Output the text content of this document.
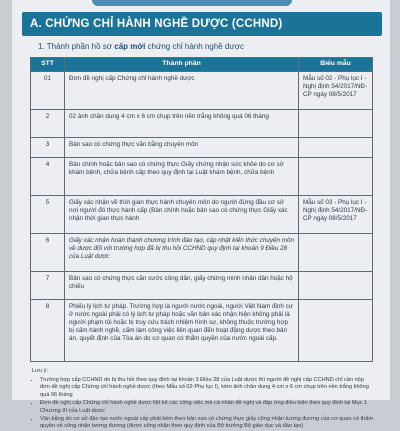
A. CHỨNG CHỈ HÀNH NGHỀ DƯỢC (CCHND)
1. Thành phần hồ sơ cấp mới chứng chỉ hành nghề dược
STT	Thành phần	Biểu mẫu
01	Đơn đề nghị cấp Chứng chỉ hành nghề dược	Mẫu số 02 - Phụ lục I - Nghị định 54/2017/NĐ-CP ngày 08/5/2017
2	02 ảnh chân dung 4 cm x 6 cm chụp trên nền trắng không quá 06 tháng	
3	Bản sao có chứng thực văn bằng chuyên môn	
4	Bản chính hoặc bản sao có chứng thực Giấy chứng nhận sức khỏe do cơ sở khám bệnh, chữa bệnh cấp theo quy định tại Luật khám bệnh, chữa bệnh	
5	Giấy xác nhận về thời gian thực hành chuyên môn do người đứng đầu cơ sở nơi người đó thực hành cấp (Bản chính hoặc bản sao có chứng thực Giấy xác nhận thời gian thực hành	Mẫu số 03 - Phụ lục I - Nghị định 54/2017/NĐ-CP ngày 08/5/2017
6	Giấy xác nhận hoàn thành chương trình đào tạo, cập nhật kiến thức chuyên môn về dược đối với trường hợp đã bị thu hồi CCHND quy định tại khoản 9 Điều 28 của Luật dược	
7	Bản sao có chứng thực căn cước công dân, giấy chứng minh nhân dân hoặc hộ chiếu	
8	Phiếu lý lịch tư pháp. Trường hợp là người nước ngoài, người Việt Nam định cư ở nước ngoài phải có lý lịch tư pháp hoặc văn bản xác nhận hiện không phải là người phạm tội hoặc bị truy cứu trách nhiệm hình sự, không thuộc trường hợp bị cấm hành nghề, cấm làm công việc liên quan đến hoạt động dược theo bản án, quyết định của Tòa án do cơ quan có thẩm quyền của nước ngoài cấp.	
Lưu ý:
• Trường hợp cấp CCHND do bị thu hồi theo quy định tại khoản 3 Điều 28 của Luật dược thì người đề nghị cấp CCHND chỉ cần nộp đơn đề nghị cấp Chứng chỉ hành nghề dược (theo Mẫu số 02-Phụ lục I), kèm ảnh chân dung 4 cm x 6 cm chụp trên nền trắng không quá 06 tháng
• Đơn đề nghị cấp Chứng chỉ hành nghề dược liệt kê các công việc mà cá nhân đề nghị và đáp ứng điều kiện theo quy định tại Mục 1 Chương III của Luật dược
• Văn bằng do cơ sở đào tạo nước ngoài cấp phải kèm theo bản sao có chứng thực giấy công nhận tương đương của cơ quan có thẩm quyền về công nhận tương đương (được công nhận theo quy định của Bộ trưởng Bộ giáo dục và đào tạo)
